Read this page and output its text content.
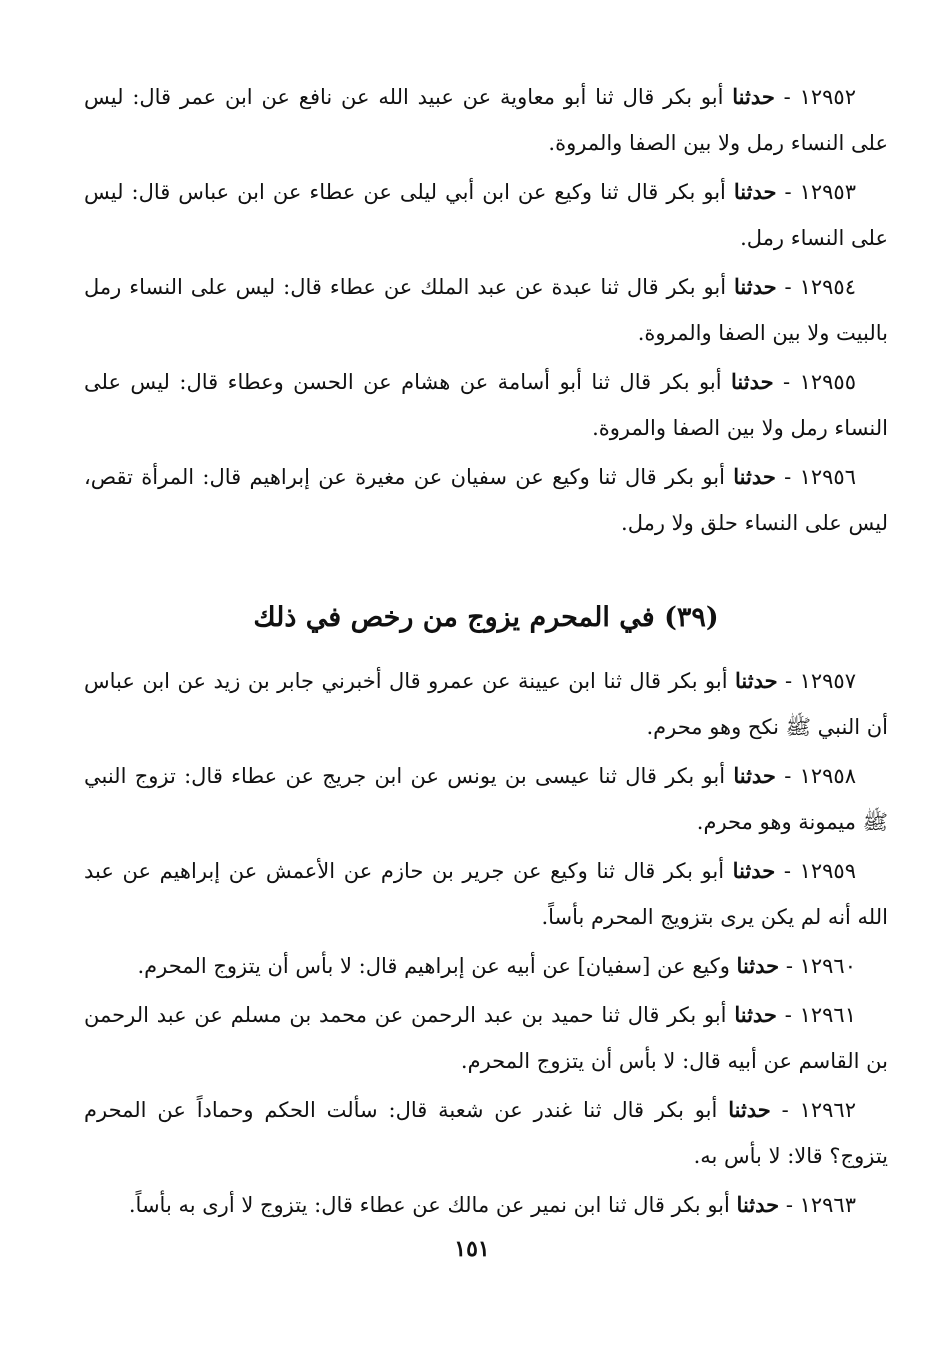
١٢٩٥٢ - حدثنا أبو بكر قال ثنا أبو معاوية عن عبيد الله عن نافع عن ابن عمر قال: ليس على النساء رمل ولا بين الصفا والمروة.

١٢٩٥٣ - حدثنا أبو بكر قال ثنا وكيع عن ابن أبي ليلى عن عطاء عن ابن عباس قال: ليس على النساء رمل.

١٢٩٥٤ - حدثنا أبو بكر قال ثنا عبدة عن عبد الملك عن عطاء قال: ليس على النساء رمل بالبيت ولا بين الصفا والمروة.

١٢٩٥٥ - حدثنا أبو بكر قال ثنا أبو أسامة عن هشام عن الحسن وعطاء قال: ليس على النساء رمل ولا بين الصفا والمروة.

١٢٩٥٦ - حدثنا أبو بكر قال ثنا وكيع عن سفيان عن مغيرة عن إبراهيم قال: المرأة تقص، ليس على النساء حلق ولا رمل.

(٣٩) في المحرم يزوج من رخص في ذلك

١٢٩٥٧ - حدثنا أبو بكر قال ثنا ابن عيينة عن عمرو قال أخبرني جابر بن زيد عن ابن عباس أن النبي ﷺ نكح وهو محرم.

١٢٩٥٨ - حدثنا أبو بكر قال ثنا عيسى بن يونس عن ابن جريج عن عطاء قال: تزوج النبي ﷺ ميمونة وهو محرم.

١٢٩٥٩ - حدثنا أبو بكر قال ثنا وكيع عن جرير بن حازم عن الأعمش عن إبراهيم عن عبد الله أنه لم يكن يرى بتزويج المحرم بأساً.

١٢٩٦٠ - حدثنا وكيع عن [سفيان] عن أبيه عن إبراهيم قال: لا بأس أن يتزوج المحرم.

١٢٩٦١ - حدثنا أبو بكر قال ثنا حميد بن عبد الرحمن عن محمد بن مسلم عن عبد الرحمن بن القاسم عن أبيه قال: لا بأس أن يتزوج المحرم.

١٢٩٦٢ - حدثنا أبو بكر قال ثنا غندر عن شعبة قال: سألت الحكم وحماداً عن المحرم يتزوج؟ قالا: لا بأس به.

١٢٩٦٣ - حدثنا أبو بكر قال ثنا ابن نمير عن مالك عن عطاء قال: يتزوج لا أرى به بأساً.

١٥١
